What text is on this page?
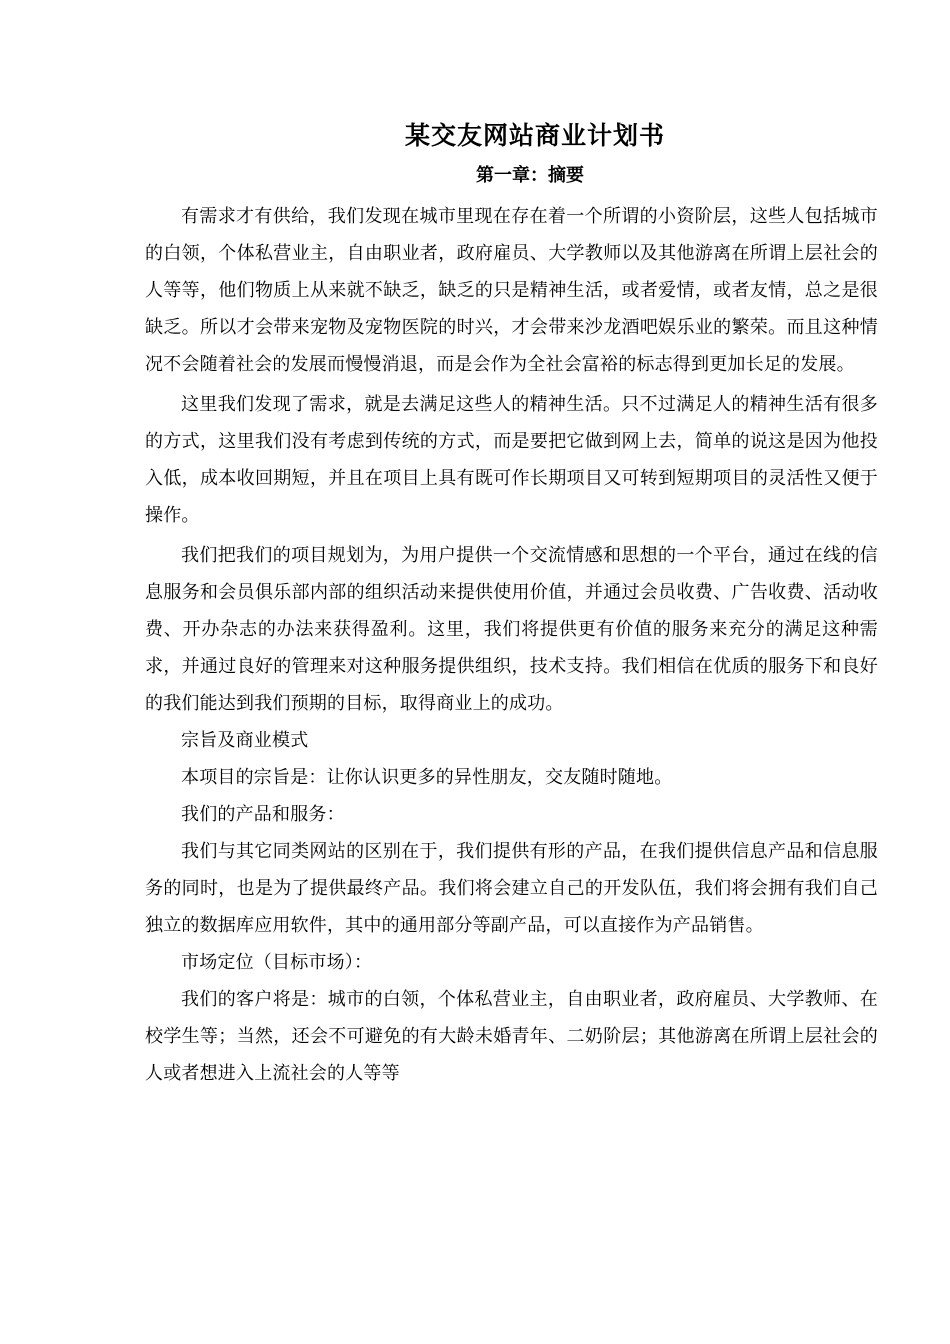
某交友网站商业计划书
第一章：摘要

有需求才有供给，我们发现在城市里现在存在着一个所谓的小资阶层，这些人包括城市的白领，个体私营业主，自由职业者，政府雇员、大学教师以及其他游离在所谓上层社会的人等等，他们物质上从来就不缺乏，缺乏的只是精神生活，或者爱情，或者友情，总之是很缺乏。所以才会带来宠物及宠物医院的时兴，才会带来沙龙酒吧娱乐业的繁荣。而且这种情况不会随着社会的发展而慢慢消退，而是会作为全社会富裕的标志得到更加长足的发展。

这里我们发现了需求，就是去满足这些人的精神生活。只不过满足人的精神生活有很多的方式，这里我们没有考虑到传统的方式，而是要把它做到网上去，简单的说这是因为他投入低，成本收回期短，并且在项目上具有既可作长期项目又可转到短期项目的灵活性又便于操作。

我们把我们的项目规划为，为用户提供一个交流情感和思想的一个平台，通过在线的信息服务和会员俱乐部内部的组织活动来提供使用价值，并通过会员收费、广告收费、活动收费、开办杂志的办法来获得盈利。这里，我们将提供更有价值的服务来充分的满足这种需求，并通过良好的管理来对这种服务提供组织，技术支持。我们相信在优质的服务下和良好的我们能达到我们预期的目标，取得商业上的成功。

宗旨及商业模式

本项目的宗旨是：让你认识更多的异性朋友，交友随时随地。

我们的产品和服务：

我们与其它同类网站的区别在于，我们提供有形的产品，在我们提供信息产品和信息服务的同时，也是为了提供最终产品。我们将会建立自己的开发队伍，我们将会拥有我们自己独立的数据库应用软件，其中的通用部分等副产品，可以直接作为产品销售。

市场定位（目标市场）：

我们的客户将是：城市的白领，个体私营业主，自由职业者，政府雇员、大学教师、在校学生等；当然，还会不可避免的有大龄未婚青年、二奶阶层；其他游离在所谓上层社会的人或者想进入上流社会的人等等
